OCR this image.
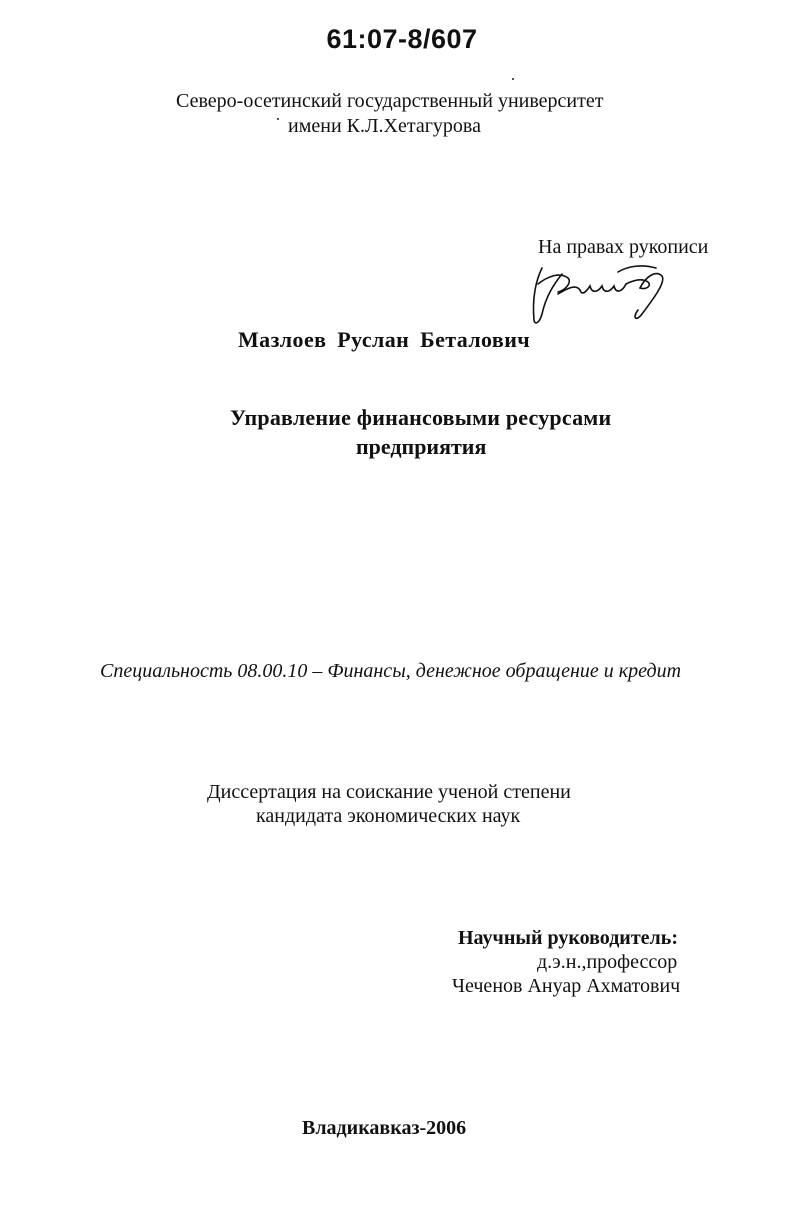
61:07-8/607
Северо-осетинский государственный университет
имени К.Л.Хетагурова
На правах рукописи
Мазлоев Руслан Беталович
Управление финансовыми ресурсами
предприятия
Специальность 08.00.10 – Финансы, денежное обращение и кредит
Диссертация на соискание ученой степени
кандидата экономических наук
Научный руководитель:
д.э.н.,профессор
Чеченов Ануар Ахматович
Владикавказ-2006
